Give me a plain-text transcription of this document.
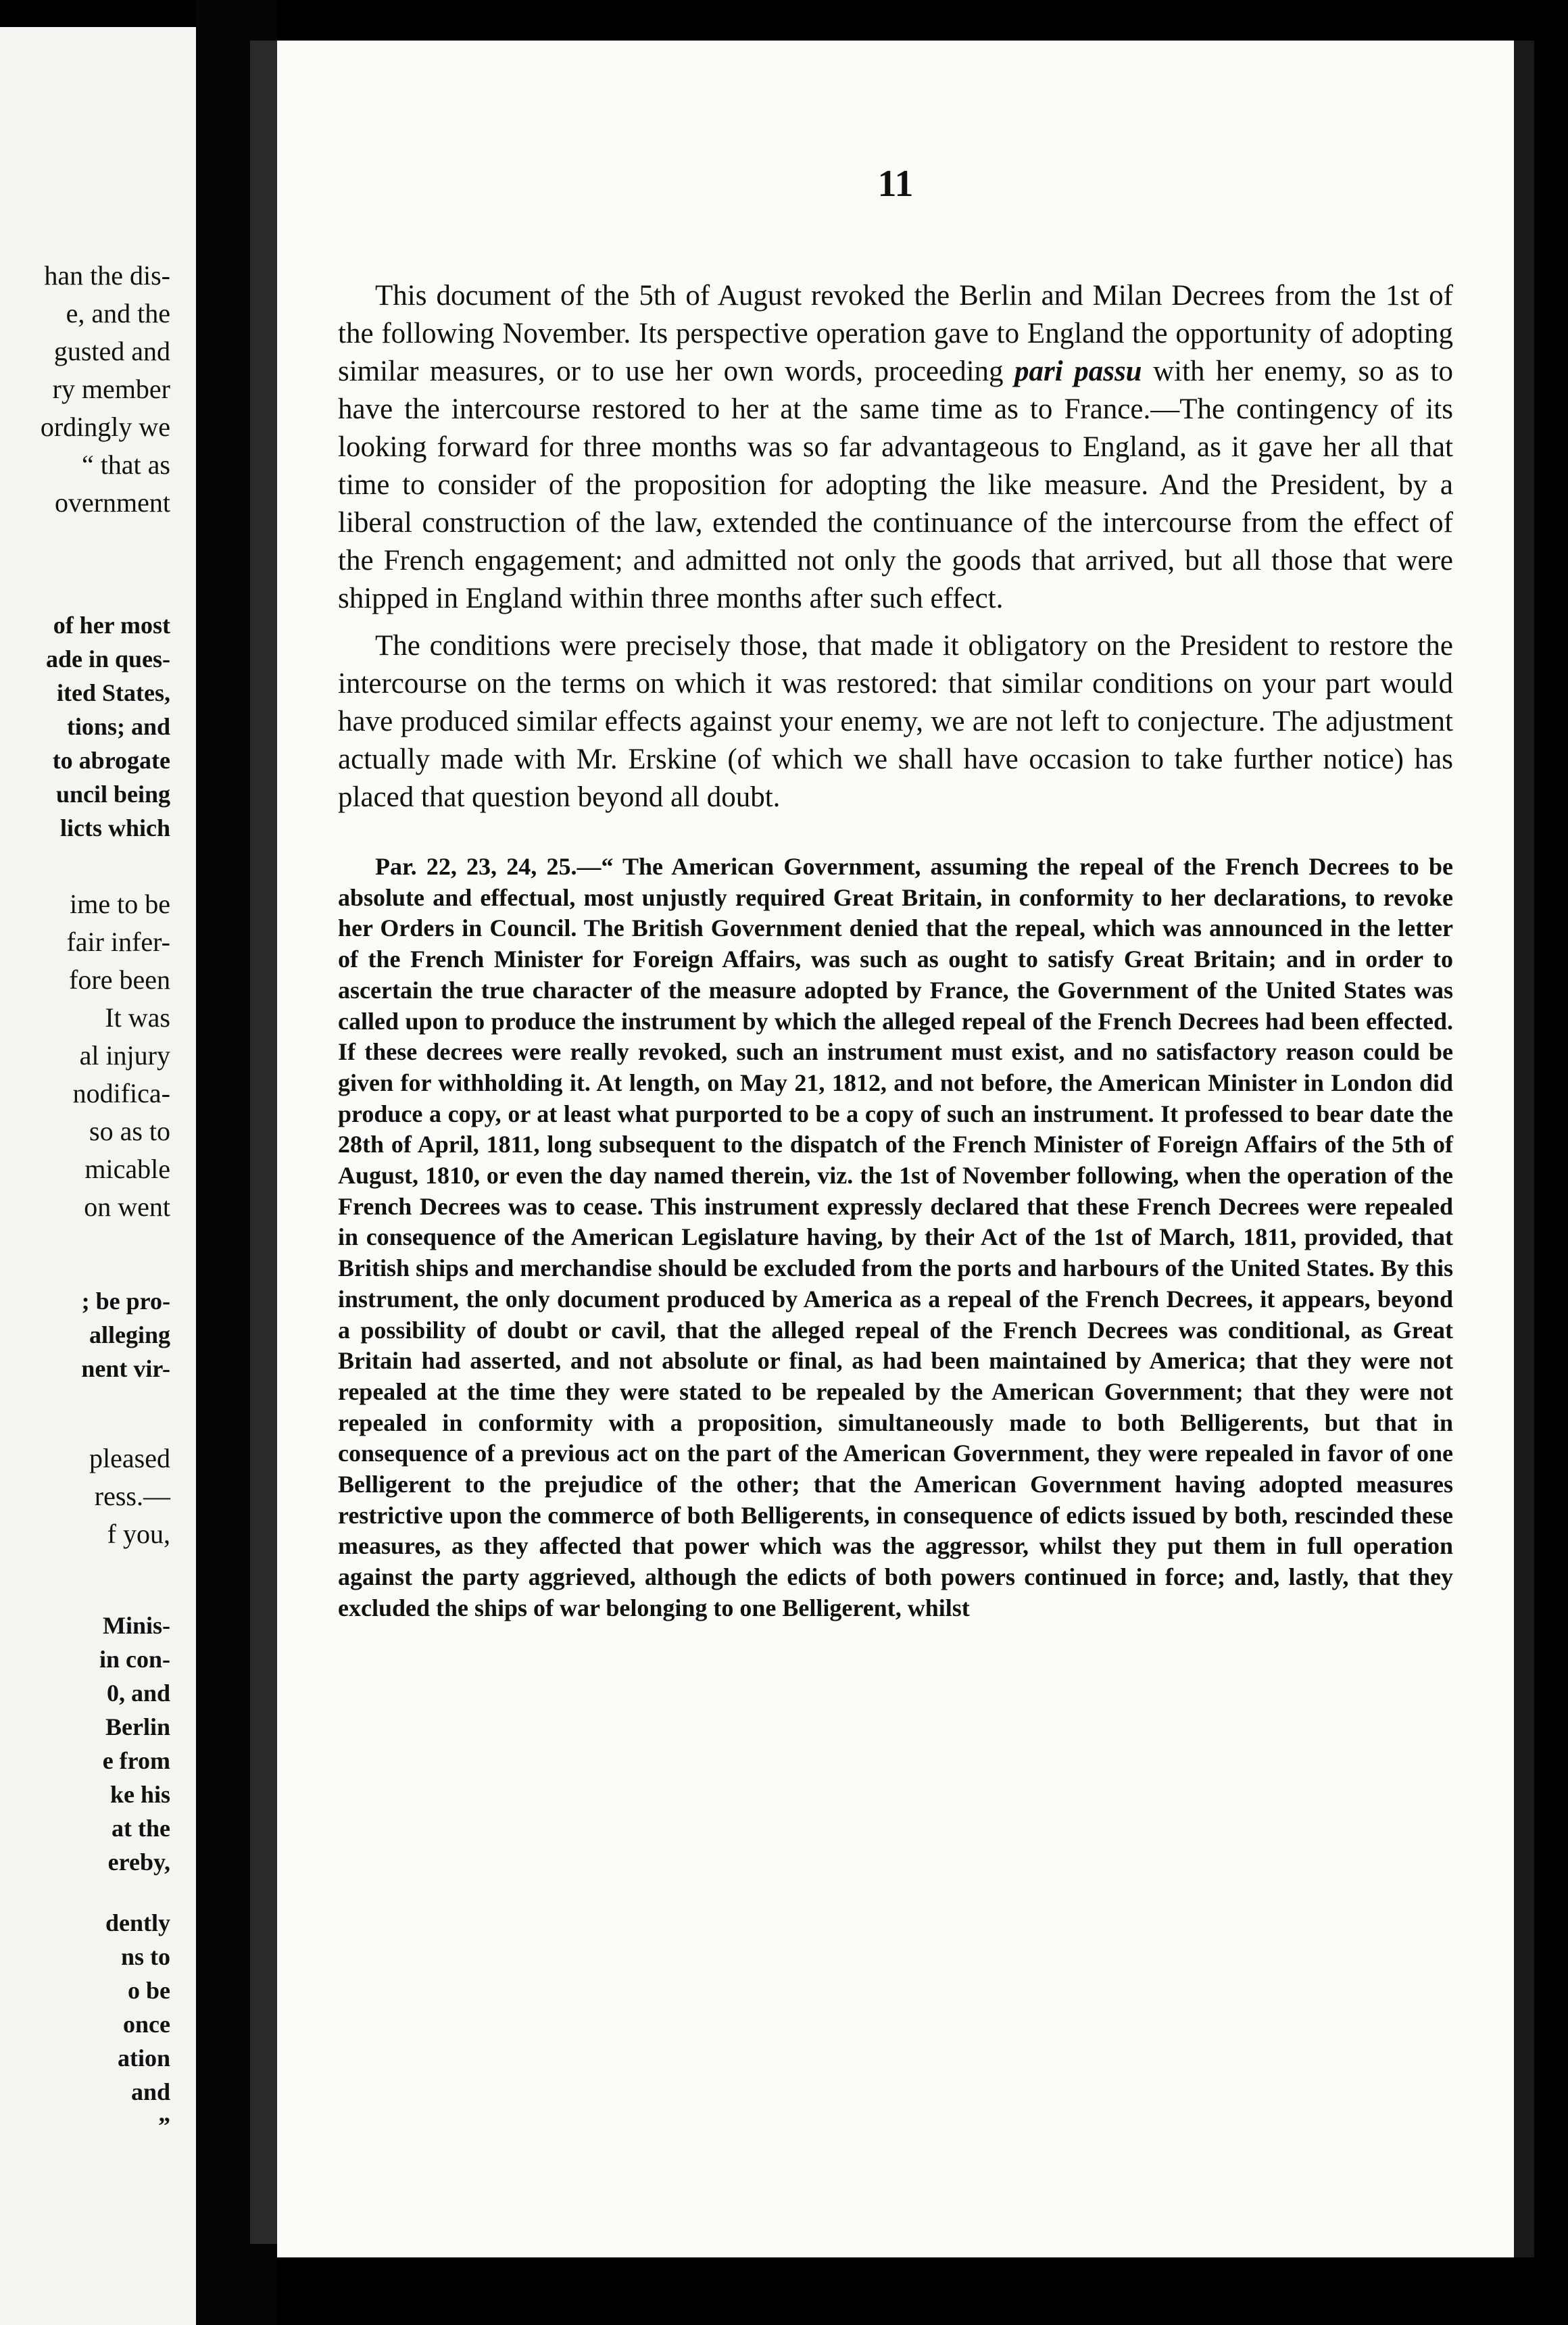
han the dis-
e, and the
gusted and
ry member
ordingly we
“ that as
overnment
of her most
ade in ques-
ited States,
tions; and
to abrogate
uncil being
licts which
ime to be
fair infer-
fore been
It was
al injury
nodifica-
so as to
micable
on went
; be pro-
alleging
nent vir-
pleased
ress.—
f you,
Minis-
in con-
0, and
Berlin
e from
ke his
at the
ereby,
dently
ns to
o be
once
ation
and
”
11

This document of the 5th of August revoked the Berlin and Milan Decrees from the 1st of the following November. Its perspective operation gave to England the opportunity of adopting similar measures, or to use her own words, proceeding pari passu with her enemy, so as to have the intercourse restored to her at the same time as to France.—The contingency of its looking forward for three months was so far advantageous to England, as it gave her all that time to consider of the proposition for adopting the like measure. And the President, by a liberal construction of the law, extended the continuance of the intercourse from the effect of the French engagement; and admitted not only the goods that arrived, but all those that were shipped in England within three months after such effect.

The conditions were precisely those, that made it obligatory on the President to restore the intercourse on the terms on which it was restored: that similar conditions on your part would have produced similar effects against your enemy, we are not left to conjecture. The adjustment actually made with Mr. Erskine (of which we shall have occasion to take further notice) has placed that question beyond all doubt.

Par. 22, 23, 24, 25.—“ The American Government, assuming the repeal of the French Decrees to be absolute and effectual, most unjustly required Great Britain, in conformity to her declarations, to revoke her Orders in Council. The British Government denied that the repeal, which was announced in the letter of the French Minister for Foreign Affairs, was such as ought to satisfy Great Britain; and in order to ascertain the true character of the measure adopted by France, the Government of the United States was called upon to produce the instrument by which the alleged repeal of the French Decrees had been effected. If these decrees were really revoked, such an instrument must exist, and no satisfactory reason could be given for withholding it. At length, on May 21, 1812, and not before, the American Minister in London did produce a copy, or at least what purported to be a copy of such an instrument. It professed to bear date the 28th of April, 1811, long subsequent to the dispatch of the French Minister of Foreign Affairs of the 5th of August, 1810, or even the day named therein, viz. the 1st of November following, when the operation of the French Decrees was to cease. This instrument expressly declared that these French Decrees were repealed in consequence of the American Legislature having, by their Act of the 1st of March, 1811, provided, that British ships and merchandise should be excluded from the ports and harbours of the United States. By this instrument, the only document produced by America as a repeal of the French Decrees, it appears, beyond a possibility of doubt or cavil, that the alleged repeal of the French Decrees was conditional, as Great Britain had asserted, and not absolute or final, as had been maintained by America; that they were not repealed at the time they were stated to be repealed by the American Government; that they were not repealed in conformity with a proposition, simultaneously made to both Belligerents, but that in consequence of a previous act on the part of the American Government, they were repealed in favor of one Belligerent to the prejudice of the other; that the American Government having adopted measures restrictive upon the commerce of both Belligerents, in consequence of edicts issued by both, rescinded these measures, as they affected that power which was the aggressor, whilst they put them in full operation against the party aggrieved, although the edicts of both powers continued in force; and, lastly, that they excluded the ships of war belonging to one Belligerent, whilst
